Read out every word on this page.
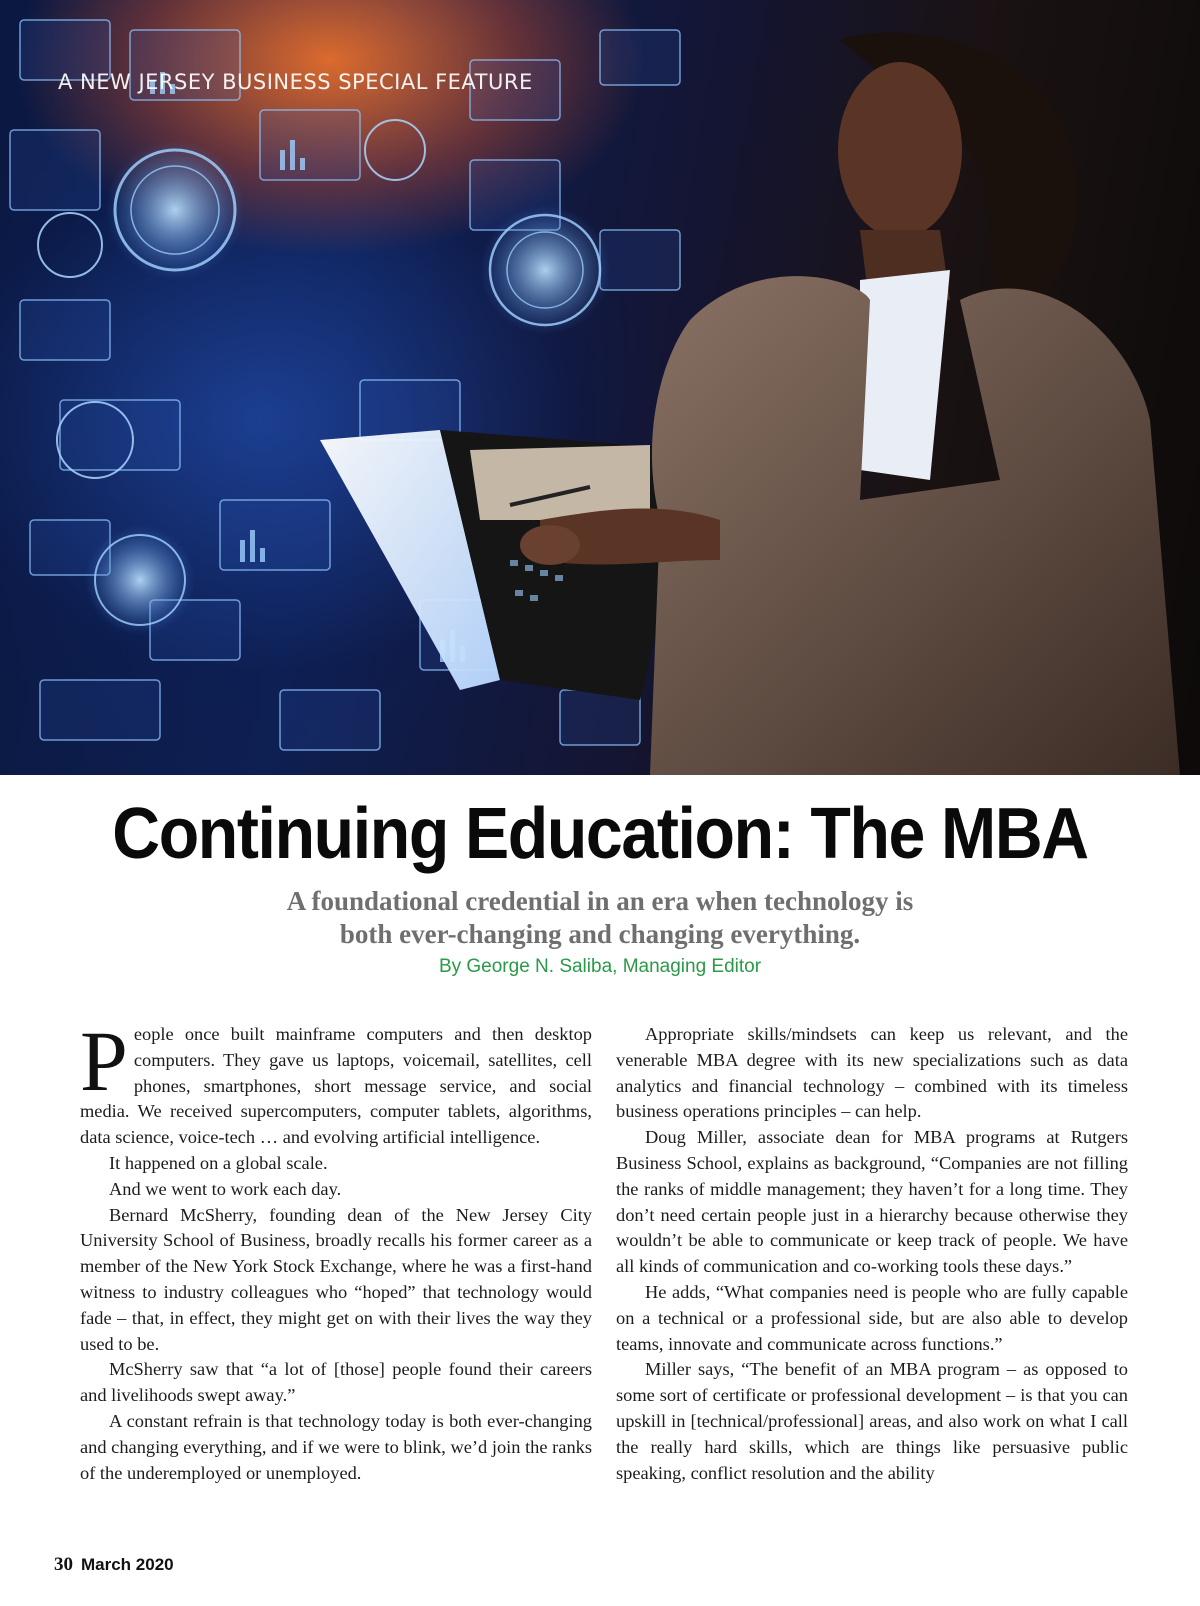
A NEW JERSEY BUSINESS SPECIAL FEATURE
Continuing Education: The MBA
A foundational credential in an era when technology is
both ever-changing and changing everything.
By George N. Saliba, Managing Editor

People once built mainframe computers and then desktop computers. They gave us laptops, voicemail, satellites, cell phones, smartphones, short message service, and social media. We received supercomputers, computer tablets, algorithms, data science, voice-tech … and evolving artificial intelligence.

It happened on a global scale.

And we went to work each day.

Bernard McSherry, founding dean of the New Jersey City University School of Business, broadly recalls his former career as a member of the New York Stock Exchange, where he was a first-hand witness to industry colleagues who “hoped” that technology would fade – that, in effect, they might get on with their lives the way they used to be.

McSherry saw that “a lot of [those] people found their careers and livelihoods swept away.”

A constant refrain is that technology today is both ever-changing and changing everything, and if we were to blink, we’d join the ranks of the underemployed or unemployed.

Appropriate skills/mindsets can keep us relevant, and the venerable MBA degree with its new specializations such as data analytics and financial technology – combined with its timeless business operations principles – can help.

Doug Miller, associate dean for MBA programs at Rutgers Business School, explains as background, “Companies are not filling the ranks of middle management; they haven’t for a long time. They don’t need certain people just in a hierarchy because otherwise they wouldn’t be able to communicate or keep track of people. We have all kinds of communication and co-working tools these days.”

He adds, “What companies need is people who are fully capable on a technical or a professional side, but are also able to develop teams, innovate and communicate across functions.”

Miller says, “The benefit of an MBA program – as opposed to some sort of certificate or professional development – is that you can upskill in [technical/professional] areas, and also work on what I call the really hard skills, which are things like persuasive public speaking, conflict resolution and the ability

30 March 2020
